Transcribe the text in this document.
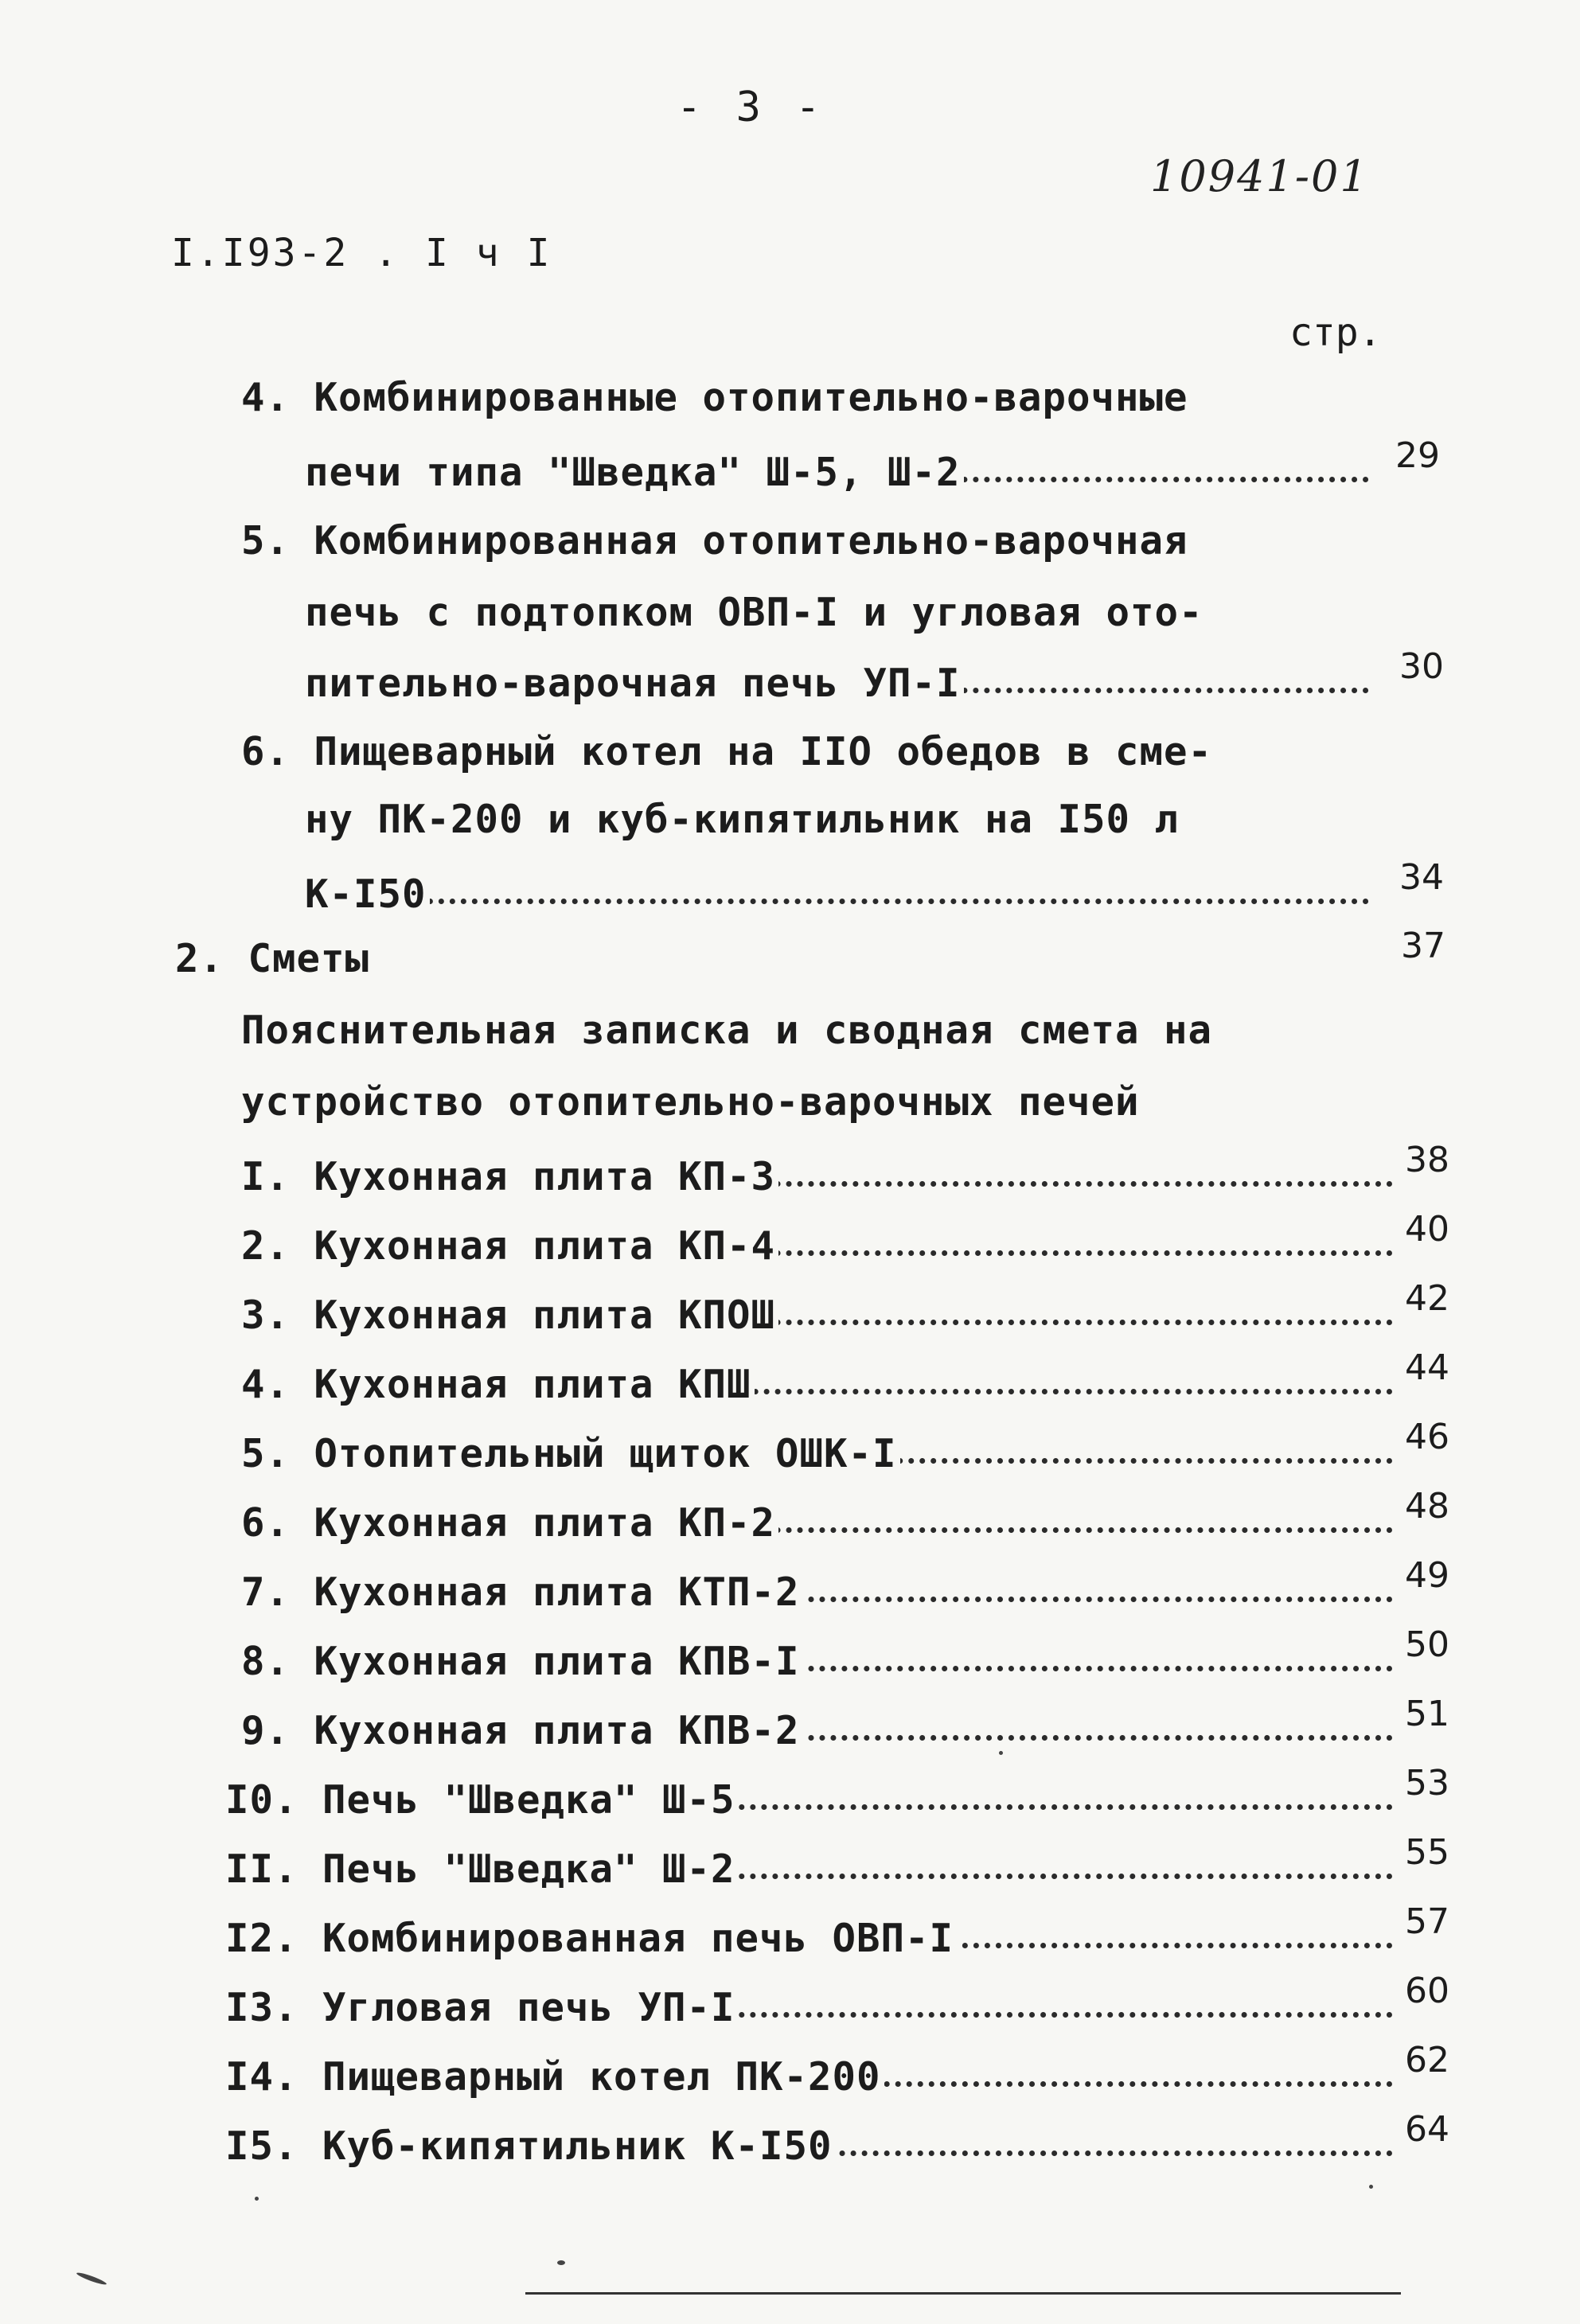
- 3 -
10941-01
I.I93-2 . I ч I
стр.
4. Комбинированные отопительно-варочные
печи типа "Шведка" Ш-5, Ш-2	29
5. Комбинированная отопительно-варочная
печь с подтопком ОВП-I и угловая ото-
пительно-варочная печь УП-I	30
6. Пищеварный котел на IIO обедов в сме-
ну ПК-200 и куб-кипятильник на I50 л
К-I50	34
2. Сметы	37
Пояснительная записка и сводная смета на
устройство отопительно-варочных печей
I. Кухонная плита КП-3	38
2. Кухонная плита КП-4	40
3. Кухонная плита КПОШ	42
4. Кухонная плита КПШ	44
5. Отопительный щиток ОШК-I	46
6. Кухонная плита КП-2	48
7. Кухонная плита КТП-2	49
8. Кухонная плита КПВ-I	50
9. Кухонная плита КПВ-2	51
I0. Печь "Шведка" Ш-5	53
II. Печь "Шведка" Ш-2	55
I2. Комбинированная печь ОВП-I	57
I3. Угловая печь УП-I	60
I4. Пищеварный котел ПК-200	62
I5. Куб-кипятильник К-I50	64
